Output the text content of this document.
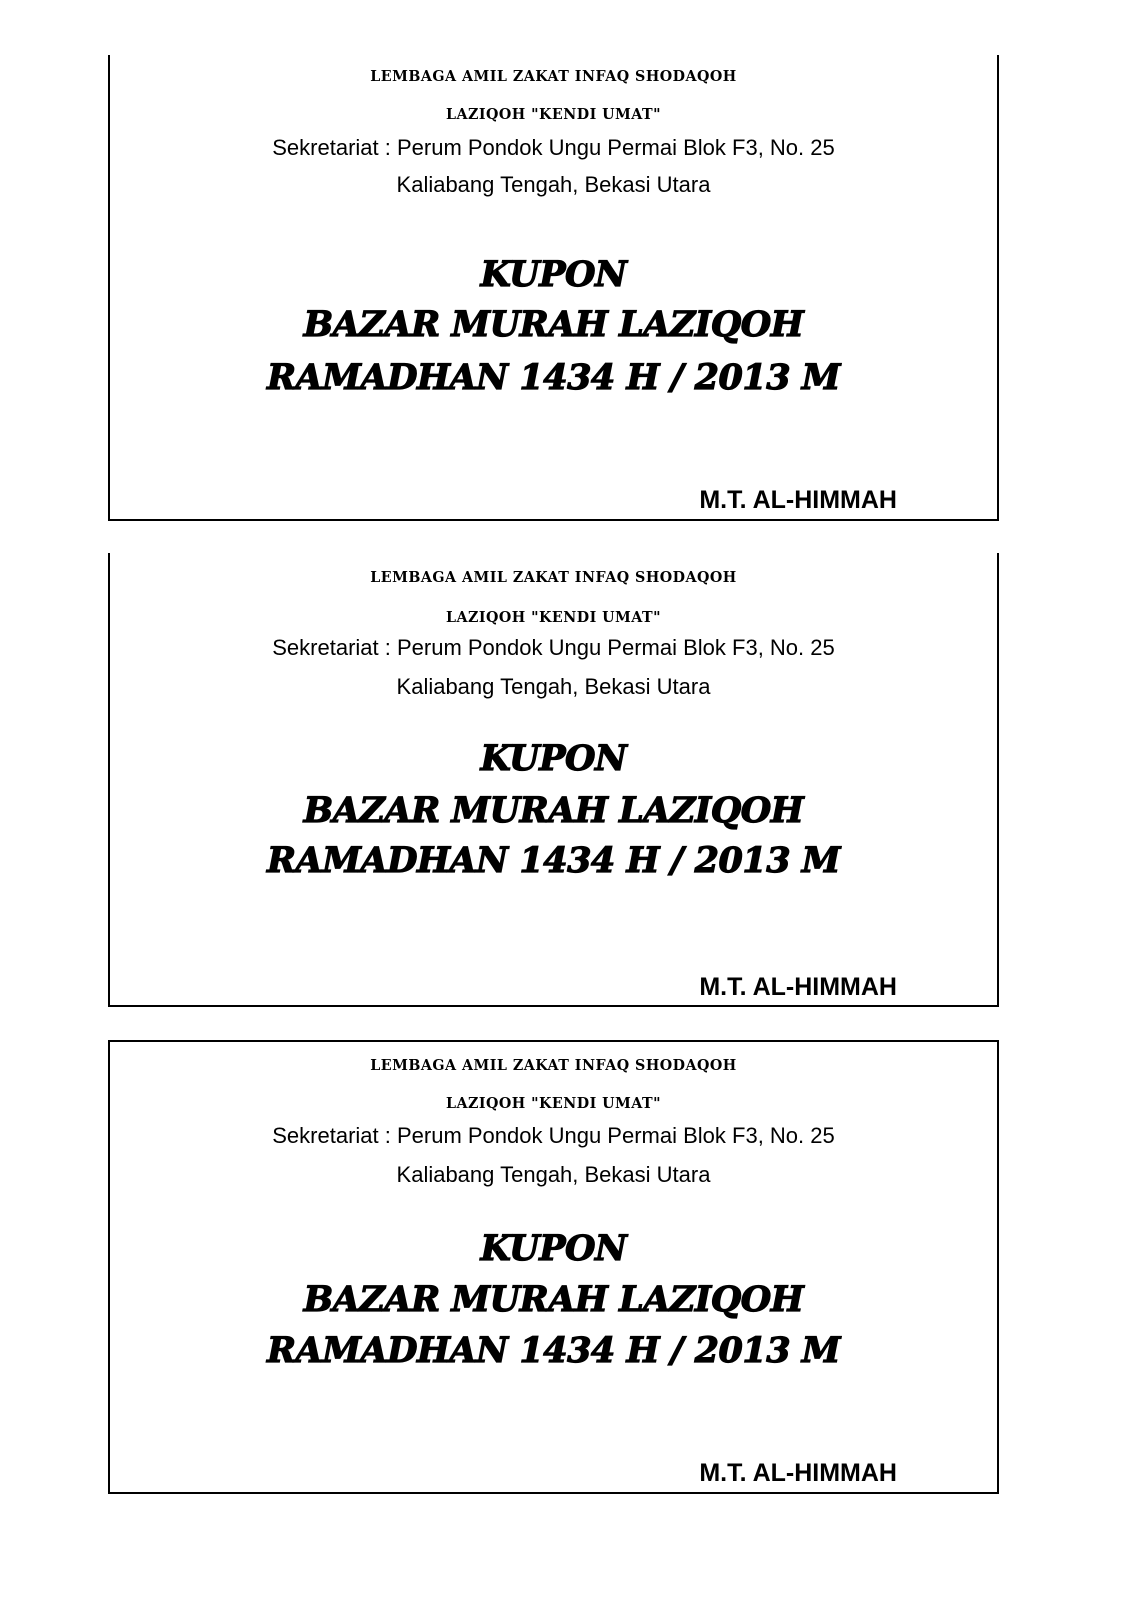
LEMBAGA AMIL ZAKAT INFAQ SHODAQOH
LAZIQOH "KENDI UMAT"
Sekretariat : Perum Pondok Ungu Permai Blok F3, No. 25
Kaliabang Tengah, Bekasi Utara
KUPON
BAZAR MURAH LAZIQOH
RAMADHAN 1434 H / 2013 M
M.T. AL-HIMMAH
LEMBAGA AMIL ZAKAT INFAQ SHODAQOH
LAZIQOH "KENDI UMAT"
Sekretariat : Perum Pondok Ungu Permai Blok F3, No. 25
Kaliabang Tengah, Bekasi Utara
KUPON
BAZAR MURAH LAZIQOH
RAMADHAN 1434 H / 2013 M
M.T. AL-HIMMAH
LEMBAGA AMIL ZAKAT INFAQ SHODAQOH
LAZIQOH "KENDI UMAT"
Sekretariat : Perum Pondok Ungu Permai Blok F3, No. 25
Kaliabang Tengah, Bekasi Utara
KUPON
BAZAR MURAH LAZIQOH
RAMADHAN 1434 H / 2013 M
M.T. AL-HIMMAH
